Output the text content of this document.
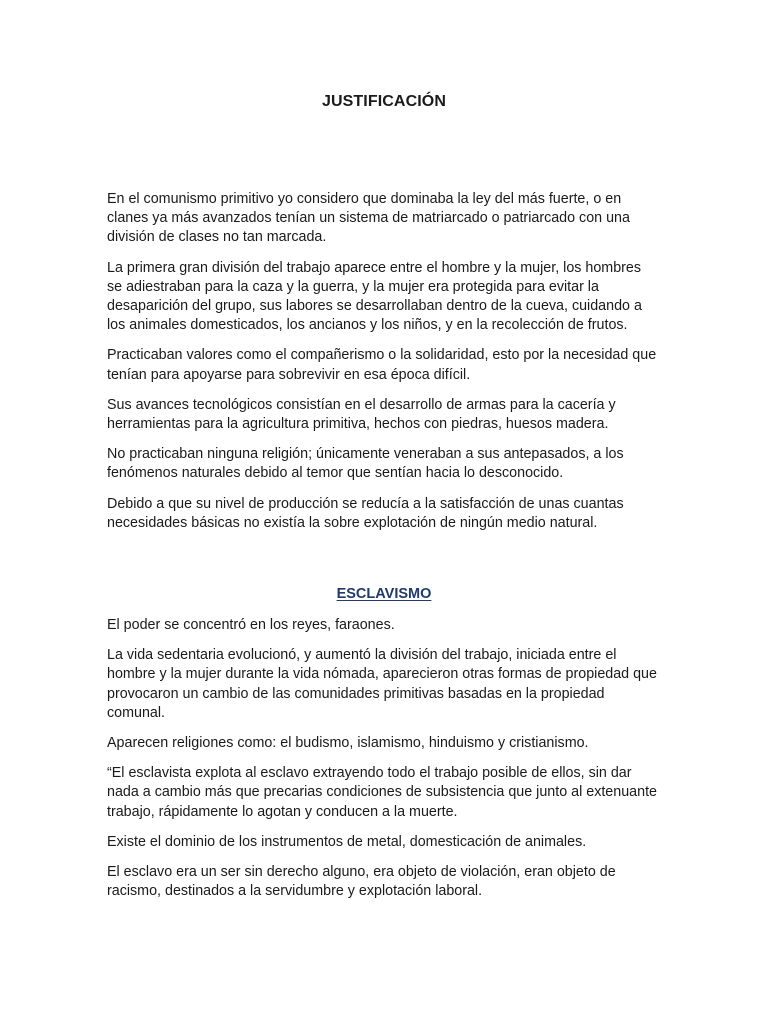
JUSTIFICACIÓN

En el comunismo primitivo yo considero que dominaba la ley del más fuerte, o en clanes ya más avanzados tenían un sistema de matriarcado o patriarcado con una división de clases no tan marcada.

La primera gran división del trabajo aparece entre el hombre y la mujer, los hombres se adiestraban para la caza y la guerra, y la mujer era protegida para evitar la desaparición del grupo, sus labores se desarrollaban dentro de la cueva, cuidando a los animales domesticados, los ancianos y los niños, y en la recolección de frutos.

Practicaban valores como el compañerismo o la solidaridad, esto por la necesidad que tenían para apoyarse para sobrevivir en esa época difícil.

Sus avances tecnológicos consistían en el desarrollo de armas para la cacería y herramientas para la agricultura primitiva, hechos con piedras, huesos madera.

No practicaban ninguna religión; únicamente veneraban a sus antepasados, a los fenómenos naturales debido al temor que sentían hacia lo desconocido.

Debido a que su nivel de producción se reducía a la satisfacción de unas cuantas necesidades básicas no existía la sobre explotación de ningún medio natural.

ESCLAVISMO

El poder se concentró en los reyes, faraones.

La vida sedentaria evolucionó, y aumentó la división del trabajo, iniciada entre el hombre y la mujer durante la vida nómada, aparecieron otras formas de propiedad que provocaron un cambio de las comunidades primitivas basadas en la propiedad comunal.

Aparecen religiones como: el budismo, islamismo, hinduismo y cristianismo.

“El esclavista explota al esclavo extrayendo todo el trabajo posible de ellos, sin dar nada a cambio más que precarias condiciones de subsistencia que junto al extenuante trabajo, rápidamente lo agotan y conducen a la muerte.

Existe el dominio de los instrumentos de metal, domesticación de animales.

El esclavo era un ser sin derecho alguno, era objeto de violación, eran objeto de racismo, destinados a la servidumbre y explotación laboral.
